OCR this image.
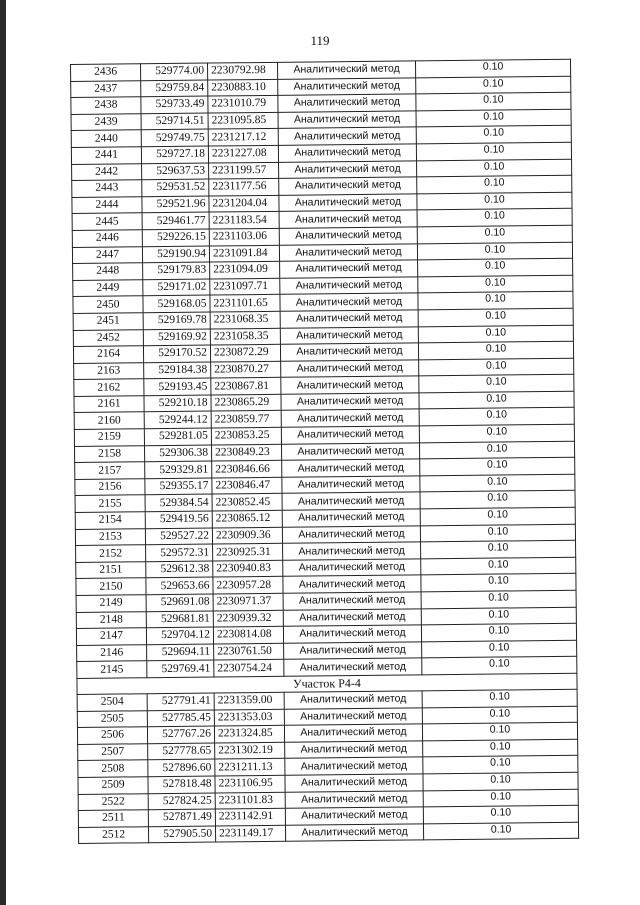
119
2436	529774.00	2230792.98	Аналитический метод	0.10
2437	529759.84	2230883.10	Аналитический метод	0.10
2438	529733.49	2231010.79	Аналитический метод	0.10
2439	529714.51	2231095.85	Аналитический метод	0.10
2440	529749.75	2231217.12	Аналитический метод	0.10
2441	529727.18	2231227.08	Аналитический метод	0.10
2442	529637.53	2231199.57	Аналитический метод	0.10
2443	529531.52	2231177.56	Аналитический метод	0.10
2444	529521.96	2231204.04	Аналитический метод	0.10
2445	529461.77	2231183.54	Аналитический метод	0.10
2446	529226.15	2231103.06	Аналитический метод	0.10
2447	529190.94	2231091.84	Аналитический метод	0.10
2448	529179.83	2231094.09	Аналитический метод	0.10
2449	529171.02	2231097.71	Аналитический метод	0.10
2450	529168.05	2231101.65	Аналитический метод	0.10
2451	529169.78	2231068.35	Аналитический метод	0.10
2452	529169.92	2231058.35	Аналитический метод	0.10
2164	529170.52	2230872.29	Аналитический метод	0.10
2163	529184.38	2230870.27	Аналитический метод	0.10
2162	529193.45	2230867.81	Аналитический метод	0.10
2161	529210.18	2230865.29	Аналитический метод	0.10
2160	529244.12	2230859.77	Аналитический метод	0.10
2159	529281.05	2230853.25	Аналитический метод	0.10
2158	529306.38	2230849.23	Аналитический метод	0.10
2157	529329.81	2230846.66	Аналитический метод	0.10
2156	529355.17	2230846.47	Аналитический метод	0.10
2155	529384.54	2230852.45	Аналитический метод	0.10
2154	529419.56	2230865.12	Аналитический метод	0.10
2153	529527.22	2230909.36	Аналитический метод	0.10
2152	529572.31	2230925.31	Аналитический метод	0.10
2151	529612.38	2230940.83	Аналитический метод	0.10
2150	529653.66	2230957.28	Аналитический метод	0.10
2149	529691.08	2230971.37	Аналитический метод	0.10
2148	529681.81	2230939.32	Аналитический метод	0.10
2147	529704.12	2230814.08	Аналитический метод	0.10
2146	529694.11	2230761.50	Аналитический метод	0.10
2145	529769.41	2230754.24	Аналитический метод	0.10
Участок Р4-4				
2504	527791.41	2231359.00	Аналитический метод	0.10
2505	527785.45	2231353.03	Аналитический метод	0.10
2506	527767.26	2231324.85	Аналитический метод	0.10
2507	527778.65	2231302.19	Аналитический метод	0.10
2508	527896.60	2231211.13	Аналитический метод	0.10
2509	527818.48	2231106.95	Аналитический метод	0.10
2522	527824.25	2231101.83	Аналитический метод	0.10
2511	527871.49	2231142.91	Аналитический метод	0.10
2512	527905.50	2231149.17	Аналитический метод	0.10
